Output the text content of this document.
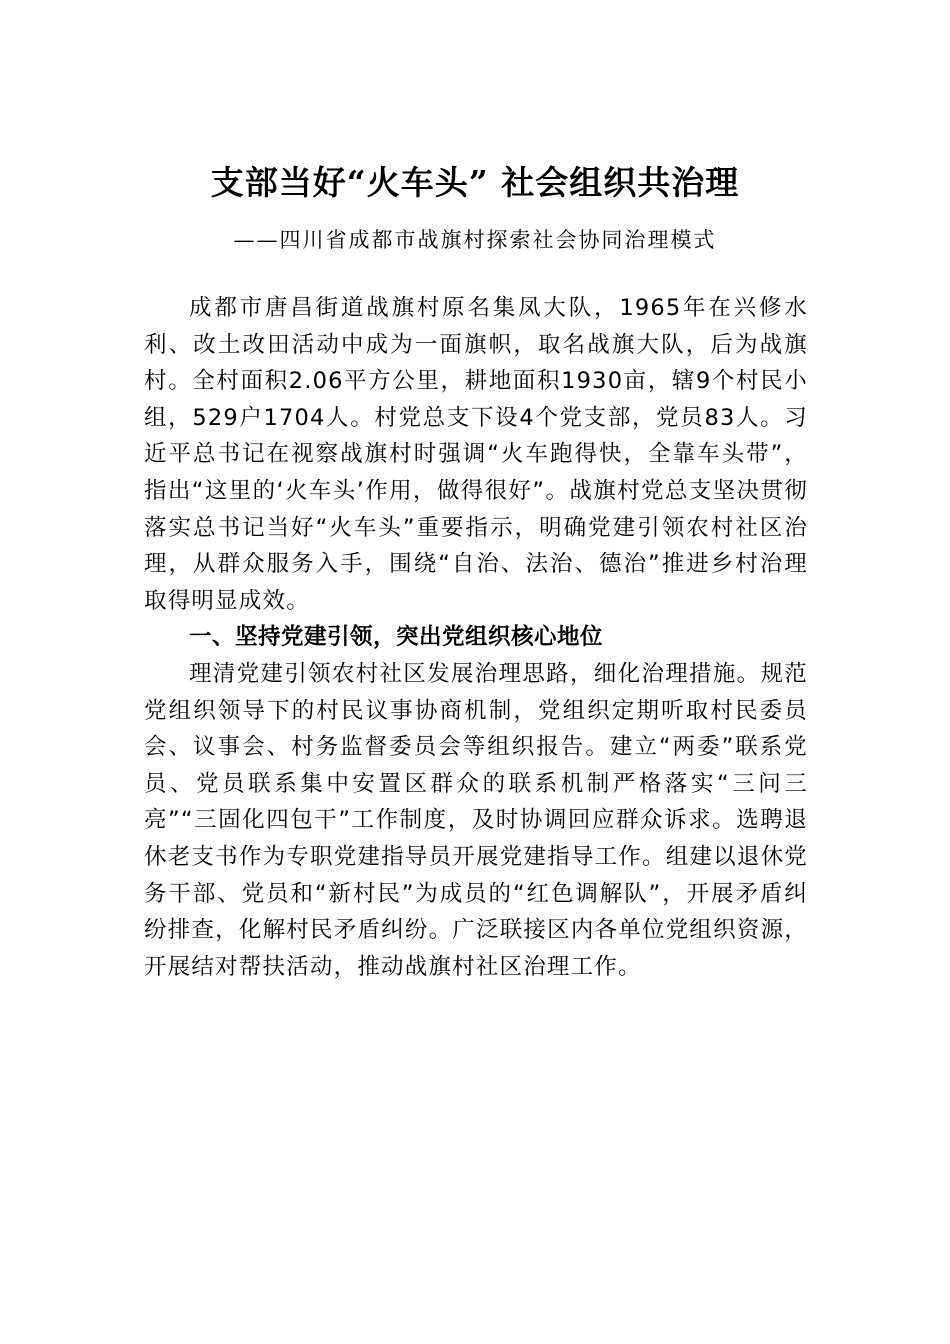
支部当好“火车头” 社会组织共治理
——四川省成都市战旗村探索社会协同治理模式

成都市唐昌街道战旗村原名集凤大队，1965年在兴修水利、改土改田活动中成为一面旗帜，取名战旗大队，后为战旗村。全村面积2.06平方公里，耕地面积1930亩，辖9个村民小组，529户1704人。村党总支下设4个党支部，党员83人。习近平总书记在视察战旗村时强调“火车跑得快，全靠车头带”，指出“这里的‘火车头’作用，做得很好”。战旗村党总支坚决贯彻落实总书记当好“火车头”重要指示，明确党建引领农村社区治理，从群众服务入手，围绕“自治、法治、德治”推进乡村治理取得明显成效。

一、坚持党建引领，突出党组织核心地位

理清党建引领农村社区发展治理思路，细化治理措施。规范党组织领导下的村民议事协商机制，党组织定期听取村民委员会、议事会、村务监督委员会等组织报告。建立“两委”联系党员、党员联系集中安置区群众的联系机制严格落实“三问三亮”“三固化四包干”工作制度，及时协调回应群众诉求。选聘退休老支书作为专职党建指导员开展党建指导工作。组建以退休党务干部、党员和“新村民”为成员的“红色调解队”，开展矛盾纠纷排查，化解村民矛盾纠纷。广泛联接区内各单位党组织资源，开展结对帮扶活动，推动战旗村社区治理工作。
